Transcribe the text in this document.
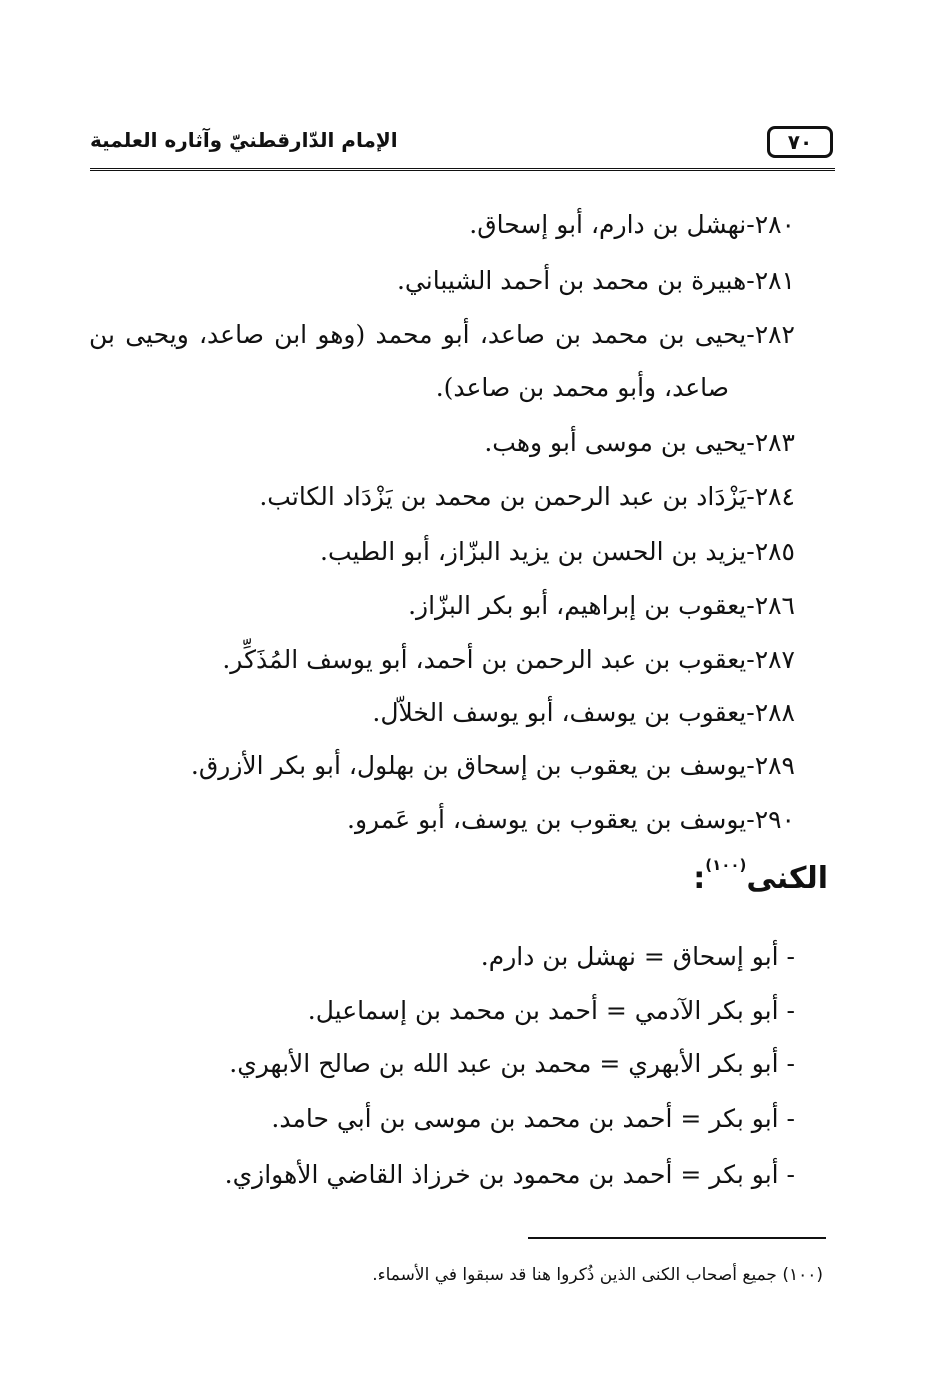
الإمام الدّارقطنيّ وآثاره العلمية	٧٠
٢٨٠-نهشل بن دارم، أبو إسحاق.
٢٨١-هبيرة بن محمد بن أحمد الشيباني.
٢٨٢-يحيى بن محمد بن صاعد، أبو محمد (وهو ابن صاعد، ويحيى بن
صاعد، وأبو محمد بن صاعد).
٢٨٣-يحيى بن موسى أبو وهب.
٢٨٤-يَزْدَاد بن عبد الرحمن بن محمد بن يَزْدَاد الكاتب.
٢٨٥-يزيد بن الحسن بن يزيد البزّاز، أبو الطيب.
٢٨٦-يعقوب بن إبراهيم، أبو بكر البزّاز.
٢٨٧-يعقوب بن عبد الرحمن بن أحمد، أبو يوسف المُذَكِّر.
٢٨٨-يعقوب بن يوسف، أبو يوسف الخلاّل.
٢٨٩-يوسف بن يعقوب بن إسحاق بن بهلول، أبو بكر الأزرق.
٢٩٠-يوسف بن يعقوب بن يوسف، أبو عَمرو.
الكنى$^{(١٠٠)}$:
- أبو إسحاق = نهشل بن دارم.
- أبو بكر الآدمي = أحمد بن محمد بن إسماعيل.
- أبو بكر الأبهري = محمد بن عبد الله بن صالح الأبهري.
- أبو بكر = أحمد بن محمد بن موسى بن أبي حامد.
- أبو بكر = أحمد بن محمود بن خرزاذ القاضي الأهوازي.
(١٠٠) جميع أصحاب الكنى الذين ذُكروا هنا قد سبقوا في الأسماء.
